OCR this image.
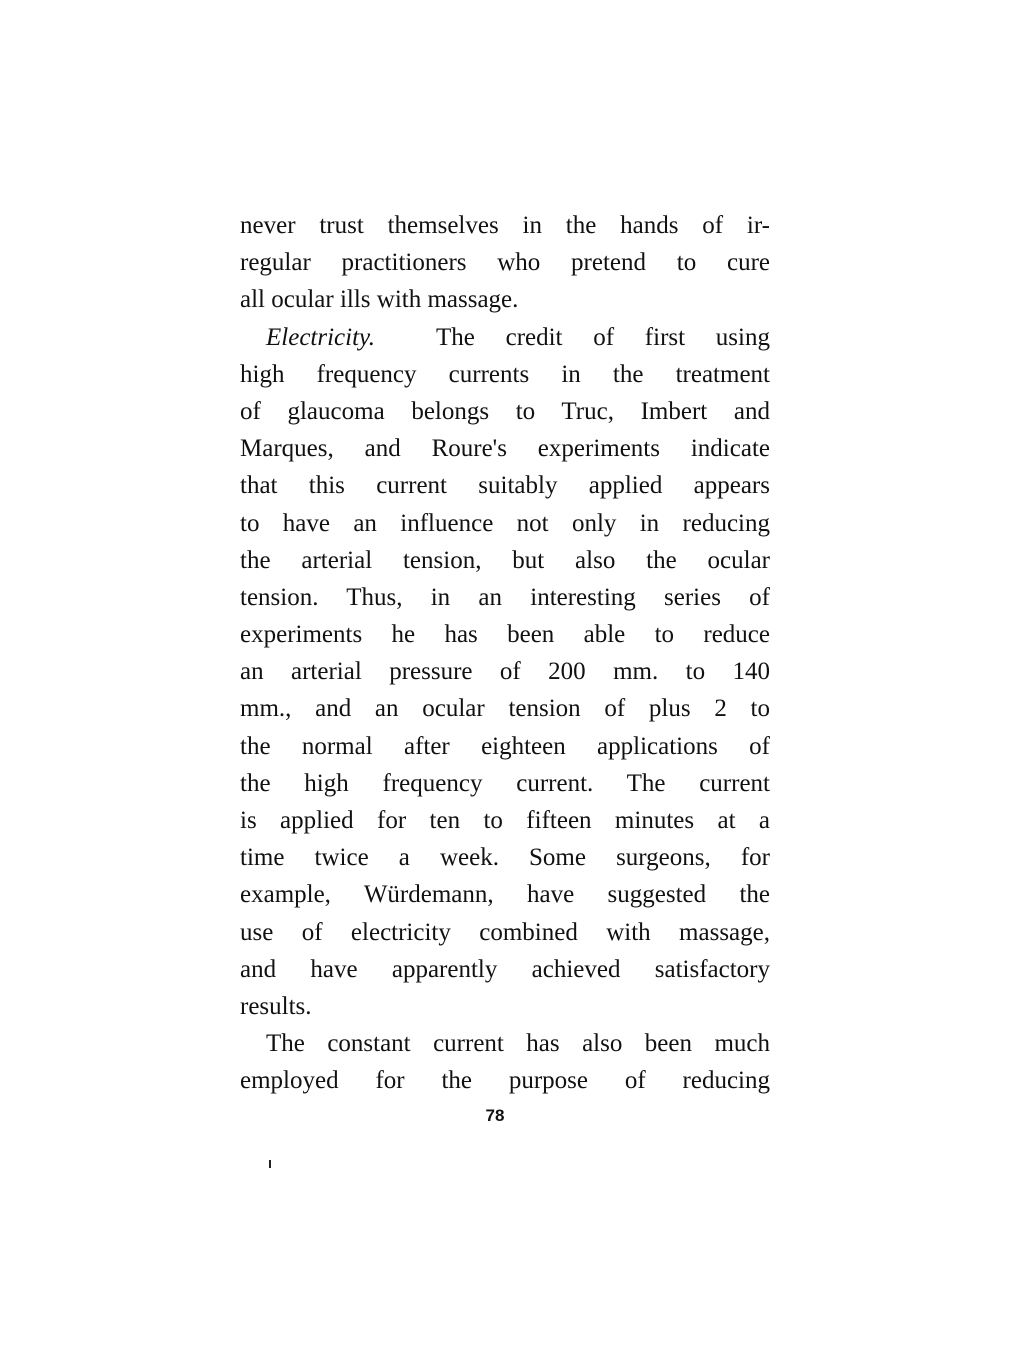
never trust themselves in the hands of ir-
regular practitioners who pretend to cure
all ocular ills with massage.
Electricity. The credit of first using
high frequency currents in the treatment
of glaucoma belongs to Truc, Imbert and
Marques, and Roure's experiments indicate
that this current suitably applied appears
to have an influence not only in reducing
the arterial tension, but also the ocular
tension. Thus, in an interesting series of
experiments he has been able to reduce
an arterial pressure of 200 mm. to 140
mm., and an ocular tension of plus 2 to
the normal after eighteen applications of
the high frequency current. The current
is applied for ten to fifteen minutes at a
time twice a week. Some surgeons, for
example, Würdemann, have suggested the
use of electricity combined with massage,
and have apparently achieved satisfactory
results.
The constant current has also been much
employed for the purpose of reducing
78
